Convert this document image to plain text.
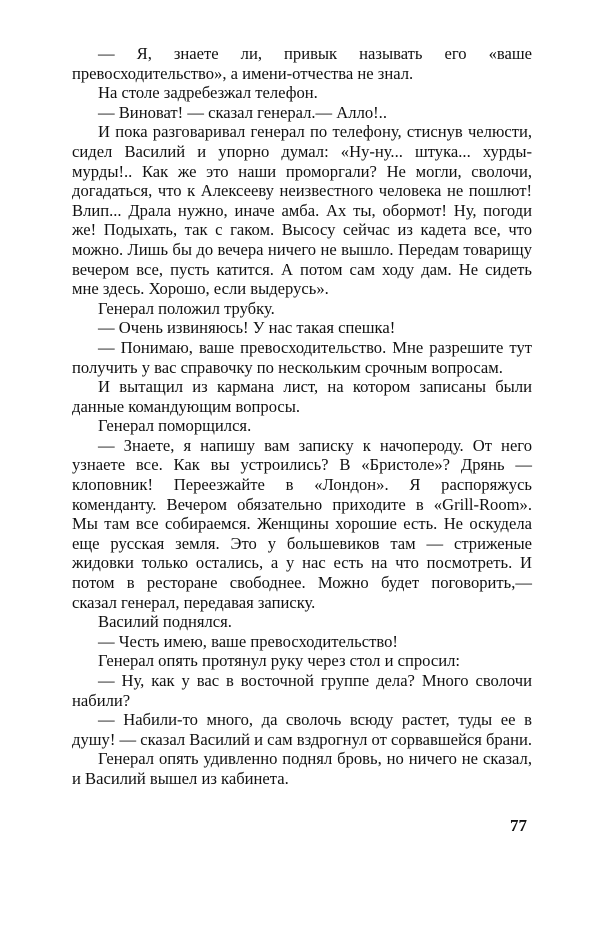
— Я, знаете ли, привык называть его «ваше превосходительство», а имени-отчества не знал.

На столе задребезжал телефон.

— Виноват! — сказал генерал.— Алло!..

И пока разговаривал генерал по телефону, стиснув челюсти, сидел Василий и упорно думал: «Ну-ну... штука... хурды-мурды!.. Как же это наши проморгали? Не могли, сволочи, догадаться, что к Алексееву неизвестного человека не пошлют! Влип... Драла нужно, иначе амба. Ах ты, обормот! Ну, погоди же! Подыхать, так с гаком. Высосу сейчас из кадета все, что можно. Лишь бы до вечера ничего не вышло. Передам товарищу вечером все, пусть катится. А потом сам ходу дам. Не сидеть мне здесь. Хорошо, если выдерусь».

Генерал положил трубку.

— Очень извиняюсь! У нас такая спешка!

— Понимаю, ваше превосходительство. Мне разрешите тут получить у вас справочку по нескольким срочным вопросам.

И вытащил из кармана лист, на котором записаны были данные командующим вопросы.

Генерал поморщился.

— Знаете, я напишу вам записку к начопероду. От него узнаете все. Как вы устроились? В «Бристоле»? Дрянь — клоповник! Переезжайте в «Лондон». Я распоряжусь коменданту. Вечером обязательно приходите в «Grill-Room». Мы там все собираемся. Женщины хорошие есть. Не оскудела еще русская земля. Это у большевиков там — стриженые жидовки только остались, а у нас есть на что посмотреть. И потом в ресторане свободнее. Можно будет поговорить,— сказал генерал, передавая записку.

Василий поднялся.

— Честь имею, ваше превосходительство!

Генерал опять протянул руку через стол и спросил:

— Ну, как у вас в восточной группе дела? Много сволочи набили?

— Набили-то много, да сволочь всюду растет, туды ее в душу! — сказал Василий и сам вздрогнул от сорвавшейся брани.

Генерал опять удивленно поднял бровь, но ничего не сказал, и Василий вышел из кабинета.

77
